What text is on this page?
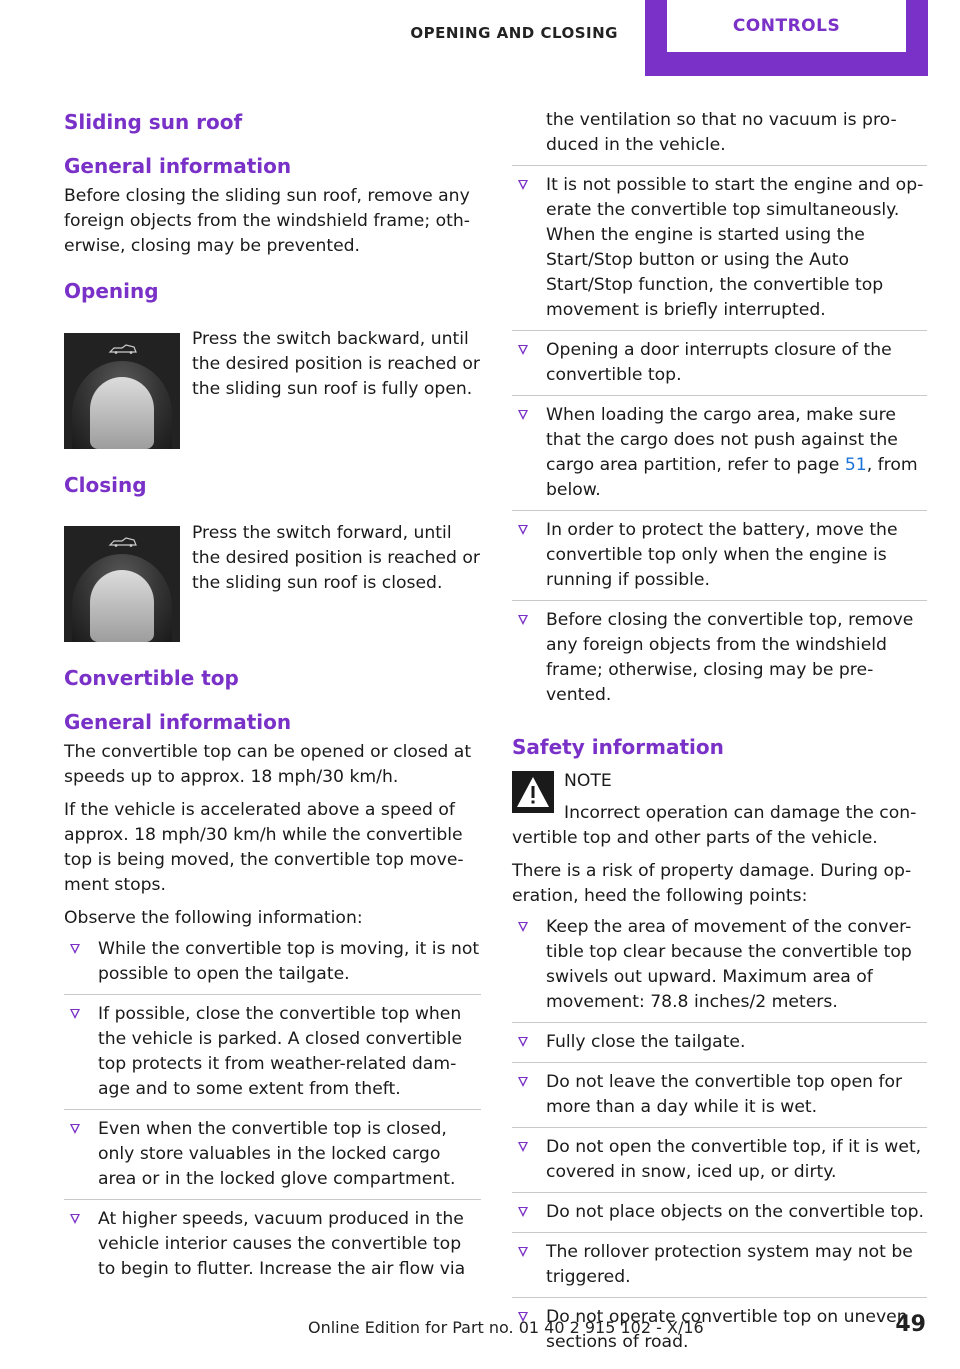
OPENING AND CLOSING	CONTROLS
Sliding sun roof
General information

Before closing the sliding sun roof, remove any foreign objects from the windshield frame; oth-erwise, closing may be prevented.

Opening
Press the switch backward, until the desired position is reached or the sliding sun roof is fully open.
Closing
Press the switch forward, until the desired position is reached or the sliding sun roof is closed.
Convertible top
General information

The convertible top can be opened or closed at speeds up to approx. 18 mph/30 km/h.

If the vehicle is accelerated above a speed of approx. 18 mph/30 km/h while the convertible top is being moved, the convertible top move-ment stops.

Observe the following information:

While the convertible top is moving, it is not possible to open the tailgate.
If possible, close the convertible top when the vehicle is parked. A closed convertible top protects it from weather-related dam-age and to some extent from theft.
Even when the convertible top is closed, only store valuables in the locked cargo area or in the locked glove compartment.
At higher speeds, vacuum produced in the vehicle interior causes the convertible top to begin to flutter. Increase the air flow via
the ventilation so that no vacuum is pro-duced in the vehicle.
It is not possible to start the engine and op-erate the convertible top simultaneously. When the engine is started using the Start/Stop button or using the Auto Start/Stop function, the convertible top movement is briefly interrupted.
Opening a door interrupts closure of the convertible top.
When loading the cargo area, make sure that the cargo does not push against the cargo area partition, refer to page 51, from below.
In order to protect the battery, move the convertible top only when the engine is running if possible.
Before closing the convertible top, remove any foreign objects from the windshield frame; otherwise, closing may be pre-vented.
Safety information
NOTE

Incorrect operation can damage the con-vertible top and other parts of the vehicle.

There is a risk of property damage. During op-eration, heed the following points:

Keep the area of movement of the conver-tible top clear because the convertible top swivels out upward. Maximum area of movement: 78.8 inches/2 meters.
Fully close the tailgate.
Do not leave the convertible top open for more than a day while it is wet.
Do not open the convertible top, if it is wet, covered in snow, iced up, or dirty.
Do not place objects on the convertible top.
The rollover protection system may not be triggered.
Do not operate convertible top on uneven sections of road.
Online Edition for Part no. 01 40 2 915 102 - X/16	49
